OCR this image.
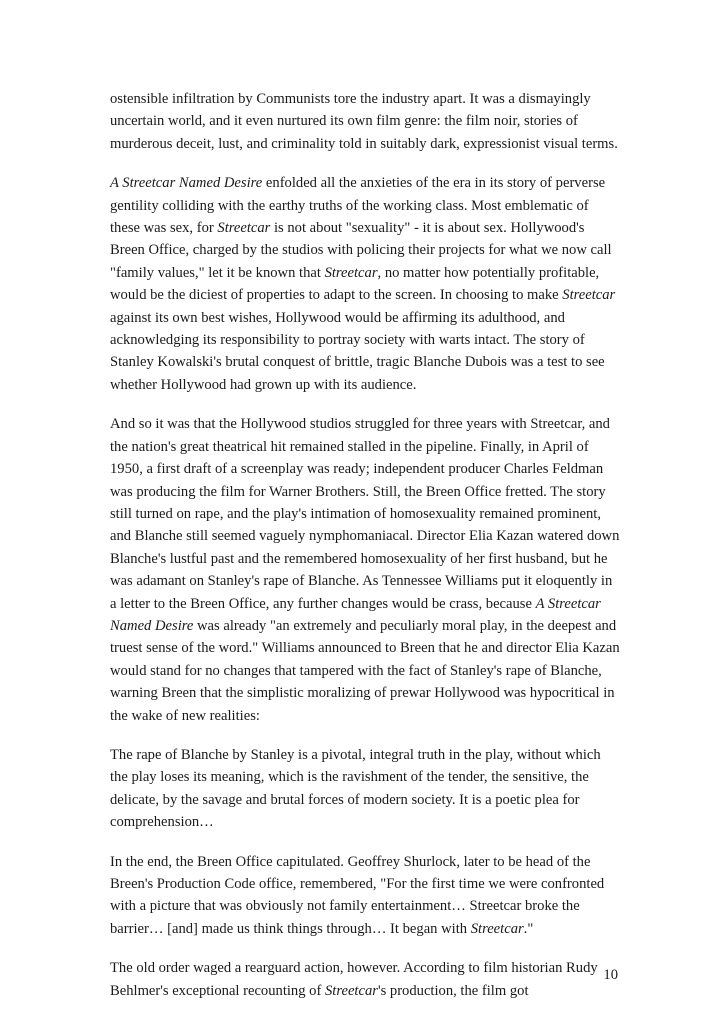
ostensible infiltration by Communists tore the industry apart. It was a dismayingly uncertain world, and it even nurtured its own film genre: the film noir, stories of murderous deceit, lust, and criminality told in suitably dark, expressionist visual terms.

A Streetcar Named Desire enfolded all the anxieties of the era in its story of perverse gentility colliding with the earthy truths of the working class. Most emblematic of these was sex, for Streetcar is not about "sexuality" - it is about sex. Hollywood's Breen Office, charged by the studios with policing their projects for what we now call "family values," let it be known that Streetcar, no matter how potentially profitable, would be the diciest of properties to adapt to the screen. In choosing to make Streetcar against its own best wishes, Hollywood would be affirming its adulthood, and acknowledging its responsibility to portray society with warts intact. The story of Stanley Kowalski's brutal conquest of brittle, tragic Blanche Dubois was a test to see whether Hollywood had grown up with its audience.

And so it was that the Hollywood studios struggled for three years with Streetcar, and the nation's great theatrical hit remained stalled in the pipeline. Finally, in April of 1950, a first draft of a screenplay was ready; independent producer Charles Feldman was producing the film for Warner Brothers. Still, the Breen Office fretted. The story still turned on rape, and the play's intimation of homosexuality remained prominent, and Blanche still seemed vaguely nymphomaniacal. Director Elia Kazan watered down Blanche's lustful past and the remembered homosexuality of her first husband, but he was adamant on Stanley's rape of Blanche. As Tennessee Williams put it eloquently in a letter to the Breen Office, any further changes would be crass, because A Streetcar Named Desire was already "an extremely and peculiarly moral play, in the deepest and truest sense of the word." Williams announced to Breen that he and director Elia Kazan would stand for no changes that tampered with the fact of Stanley's rape of Blanche, warning Breen that the simplistic moralizing of prewar Hollywood was hypocritical in the wake of new realities:

The rape of Blanche by Stanley is a pivotal, integral truth in the play, without which the play loses its meaning, which is the ravishment of the tender, the sensitive, the delicate, by the savage and brutal forces of modern society. It is a poetic plea for comprehension…

In the end, the Breen Office capitulated. Geoffrey Shurlock, later to be head of the Breen's Production Code office, remembered, "For the first time we were confronted with a picture that was obviously not family entertainment… Streetcar broke the barrier… [and] made us think things through… It began with Streetcar."

The old order waged a rearguard action, however. According to film historian Rudy Behlmer's exceptional recounting of Streetcar's production, the film got

10
